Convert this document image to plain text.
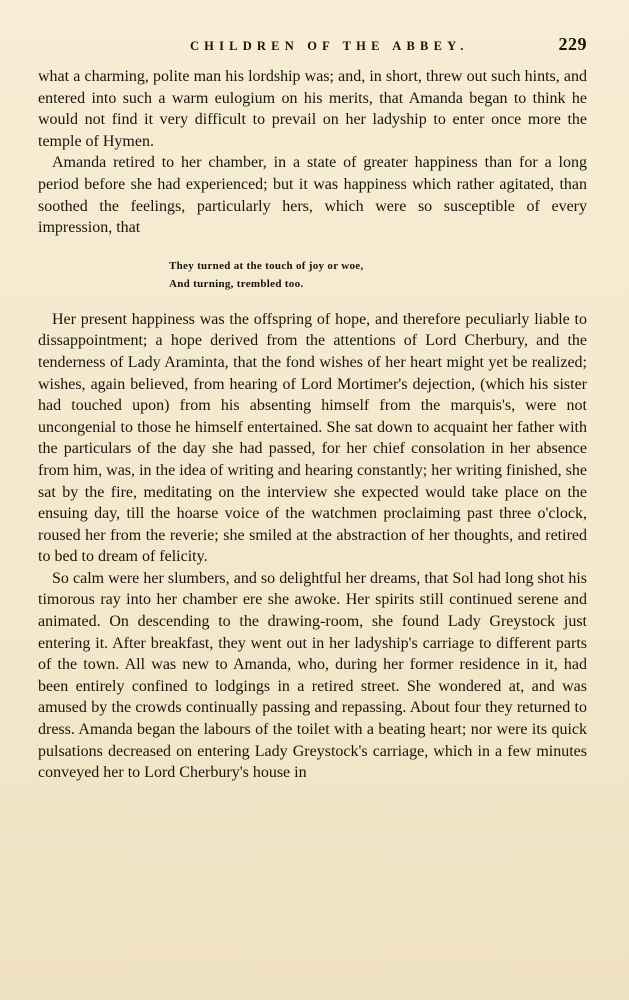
CHILDREN OF THE ABBEY.	229

what a charming, polite man his lordship was; and, in short, threw out such hints, and entered into such a warm eulogium on his merits, that Amanda began to think he would not find it very difficult to prevail on her ladyship to enter once more the temple of Hymen.

Amanda retired to her chamber, in a state of greater happiness than for a long period before she had experienced; but it was happiness which rather agitated, than soothed the feelings, particularly hers, which were so susceptible of every impression, that

They turned at the touch of joy or woe,
And turning, trembled too.

Her present happiness was the offspring of hope, and therefore peculiarly liable to dissappointment; a hope derived from the attentions of Lord Cherbury, and the tenderness of Lady Araminta, that the fond wishes of her heart might yet be realized; wishes, again believed, from hearing of Lord Mortimer's dejection, (which his sister had touched upon) from his absenting himself from the marquis's, were not uncongenial to those he himself entertained. She sat down to acquaint her father with the particulars of the day she had passed, for her chief consolation in her absence from him, was, in the idea of writing and hearing constantly; her writing finished, she sat by the fire, meditating on the interview she expected would take place on the ensuing day, till the hoarse voice of the watchmen proclaiming past three o'clock, roused her from the reverie; she smiled at the abstraction of her thoughts, and retired to bed to dream of felicity.

So calm were her slumbers, and so delightful her dreams, that Sol had long shot his timorous ray into her chamber ere she awoke. Her spirits still continued serene and animated. On descending to the drawing-room, she found Lady Greystock just entering it. After breakfast, they went out in her ladyship's carriage to different parts of the town. All was new to Amanda, who, during her former residence in it, had been entirely confined to lodgings in a retired street. She wondered at, and was amused by the crowds continually passing and repassing. About four they returned to dress. Amanda began the labours of the toilet with a beating heart; nor were its quick pulsations decreased on entering Lady Greystock's carriage, which in a few minutes conveyed her to Lord Cherbury's house in
